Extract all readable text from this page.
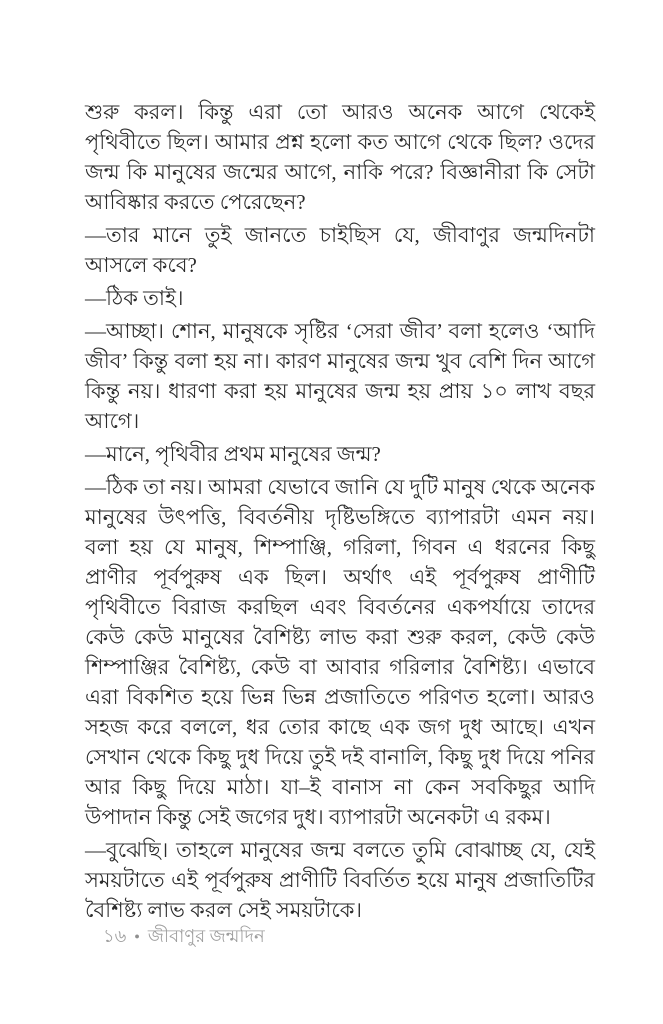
শুরু করল। কিন্তু এরা তো আরও অনেক আগে থেকেই পৃথিবীতে ছিল। আমার প্রশ্ন হলো কত আগে থেকে ছিল? ওদের জন্ম কি মানুষের জন্মের আগে, নাকি পরে? বিজ্ঞানীরা কি সেটা আবিষ্কার করতে পেরেছেন?

—তার মানে তুই জানতে চাইছিস যে, জীবাণুর জন্মদিনটা আসলে কবে?

—ঠিক তাই।

—আচ্ছা। শোন, মানুষকে সৃষ্টির ‘সেরা জীব’ বলা হলেও ‘আদি জীব’ কিন্তু বলা হয় না। কারণ মানুষের জন্ম খুব বেশি দিন আগে কিন্তু নয়। ধারণা করা হয় মানুষের জন্ম হয় প্রায় ১০ লাখ বছর আগে।

—মানে, পৃথিবীর প্রথম মানুষের জন্ম?

—ঠিক তা নয়। আমরা যেভাবে জানি যে দুটি মানুষ থেকে অনেক মানুষের উৎপত্তি, বিবর্তনীয় দৃষ্টিভঙ্গিতে ব্যাপারটা এমন নয়। বলা হয় যে মানুষ, শিম্পাঞ্জি, গরিলা, গিবন এ ধরনের কিছু প্রাণীর পূর্বপুরুষ এক ছিল। অর্থাৎ এই পূর্বপুরুষ প্রাণীটি পৃথিবীতে বিরাজ করছিল এবং বিবর্তনের একপর্যায়ে তাদের কেউ কেউ মানুষের বৈশিষ্ট্য লাভ করা শুরু করল, কেউ কেউ শিম্পাঞ্জির বৈশিষ্ট্য, কেউ বা আবার গরিলার বৈশিষ্ট্য। এভাবে এরা বিকশিত হয়ে ভিন্ন ভিন্ন প্রজাতিতে পরিণত হলো। আরও সহজ করে বললে, ধর তোর কাছে এক জগ দুধ আছে। এখন সেখান থেকে কিছু দুধ দিয়ে তুই দই বানালি, কিছু দুধ দিয়ে পনির আর কিছু দিয়ে মাঠা। যা–ই বানাস না কেন সবকিছুর আদি উপাদান কিন্তু সেই জগের দুধ। ব্যাপারটা অনেকটা এ রকম।

—বুঝেছি। তাহলে মানুষের জন্ম বলতে তুমি বোঝাচ্ছ যে, যেই সময়টাতে এই পূর্বপুরুষ প্রাণীটি বিবর্তিত হয়ে মানুষ প্রজাতিটির বৈশিষ্ট্য লাভ করল সেই সময়টাকে।

১৬ ● জীবাণুর জন্মদিন
